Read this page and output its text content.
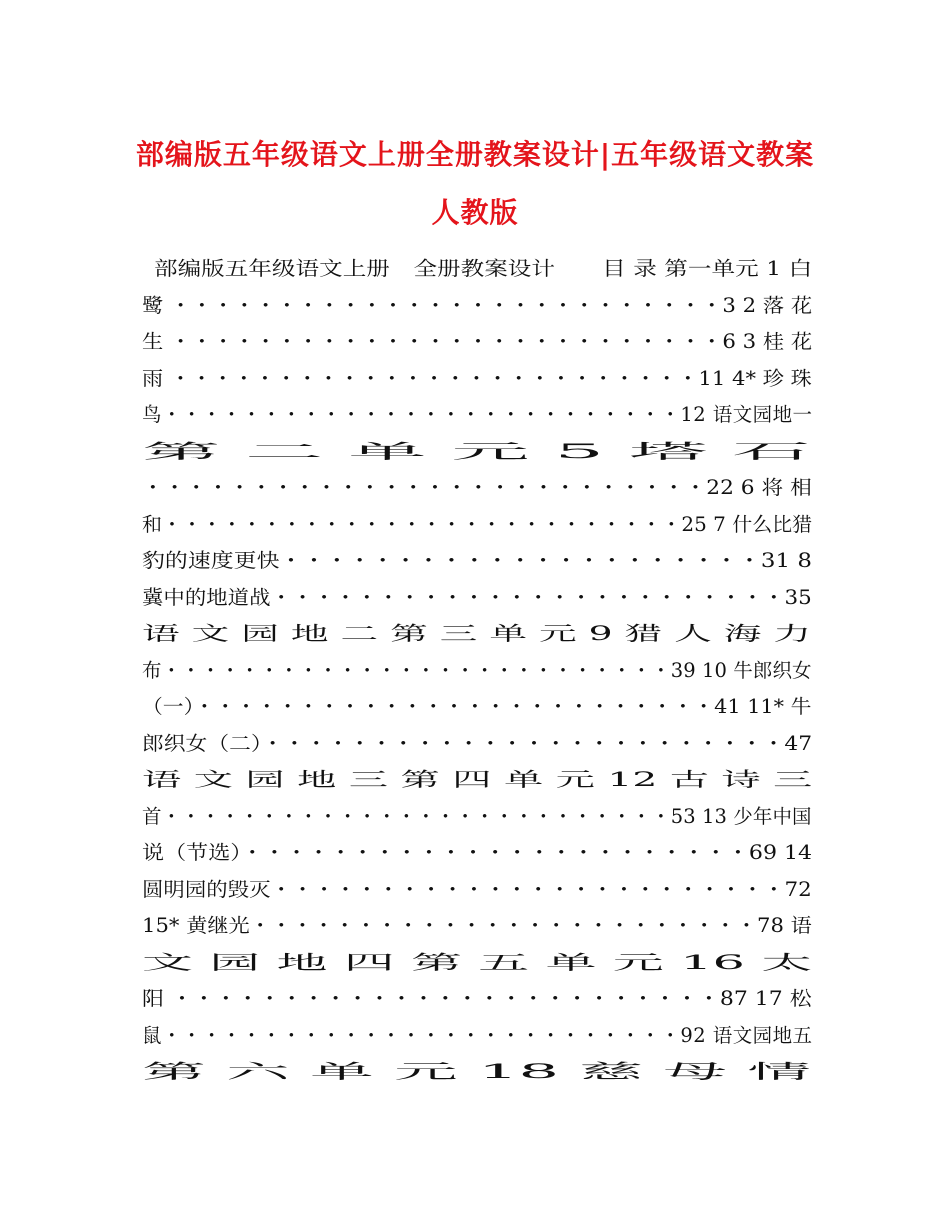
部编版五年级语文上册全册教案设计|五年级语文教案
人教版
部编版五年级语文上册　全册教案设计　　目 录 第一单元 1 白
鹭 ・・・・・・・・・・・・・・・・・・・・・・・・・・3 2 落 花
生 ・・・・・・・・・・・・・・・・・・・・・・・・・・6 3 桂 花
雨 ・・・・・・・・・・・・・・・・・・・・・・・・・11 4* 珍 珠
鸟・・・・・・・・・・・・・・・・・・・・・・・・・・12 语文园地一
第 二 单 元 5 塔 石
・・・・・・・・・・・・・・・・・・・・・・・・・・22 6 将 相
和・・・・・・・・・・・・・・・・・・・・・・・・・・25 7 什么比猎
豹的速度更快・・・・・・・・・・・・・・・・・・・・・31 8
冀中的地道战・・・・・・・・・・・・・・・・・・・・・・・・35
语 文 园 地 二 第 三 单 元 9 猎 人 海 力
布・・・・・・・・・・・・・・・・・・・・・・・・・・39 10 牛郎织女
（一）・・・・・・・・・・・・・・・・・・・・・・・・・41 11* 牛
郎织女（二）・・・・・・・・・・・・・・・・・・・・・・・・47
语 文 园 地 三 第 四 单 元 12 古 诗 三
首・・・・・・・・・・・・・・・・・・・・・・・・・・53 13 少年中国
说（节选）・・・・・・・・・・・・・・・・・・・・・・・69 14
圆明园的毁灭・・・・・・・・・・・・・・・・・・・・・・・・72
15* 黄继光・・・・・・・・・・・・・・・・・・・・・・・・78 语
文 园 地 四 第 五 单 元 16 太
阳 ・・・・・・・・・・・・・・・・・・・・・・・・・87 17 松
鼠・・・・・・・・・・・・・・・・・・・・・・・・・・92 语文园地五
第 六 单 元 18 慈 母 情
